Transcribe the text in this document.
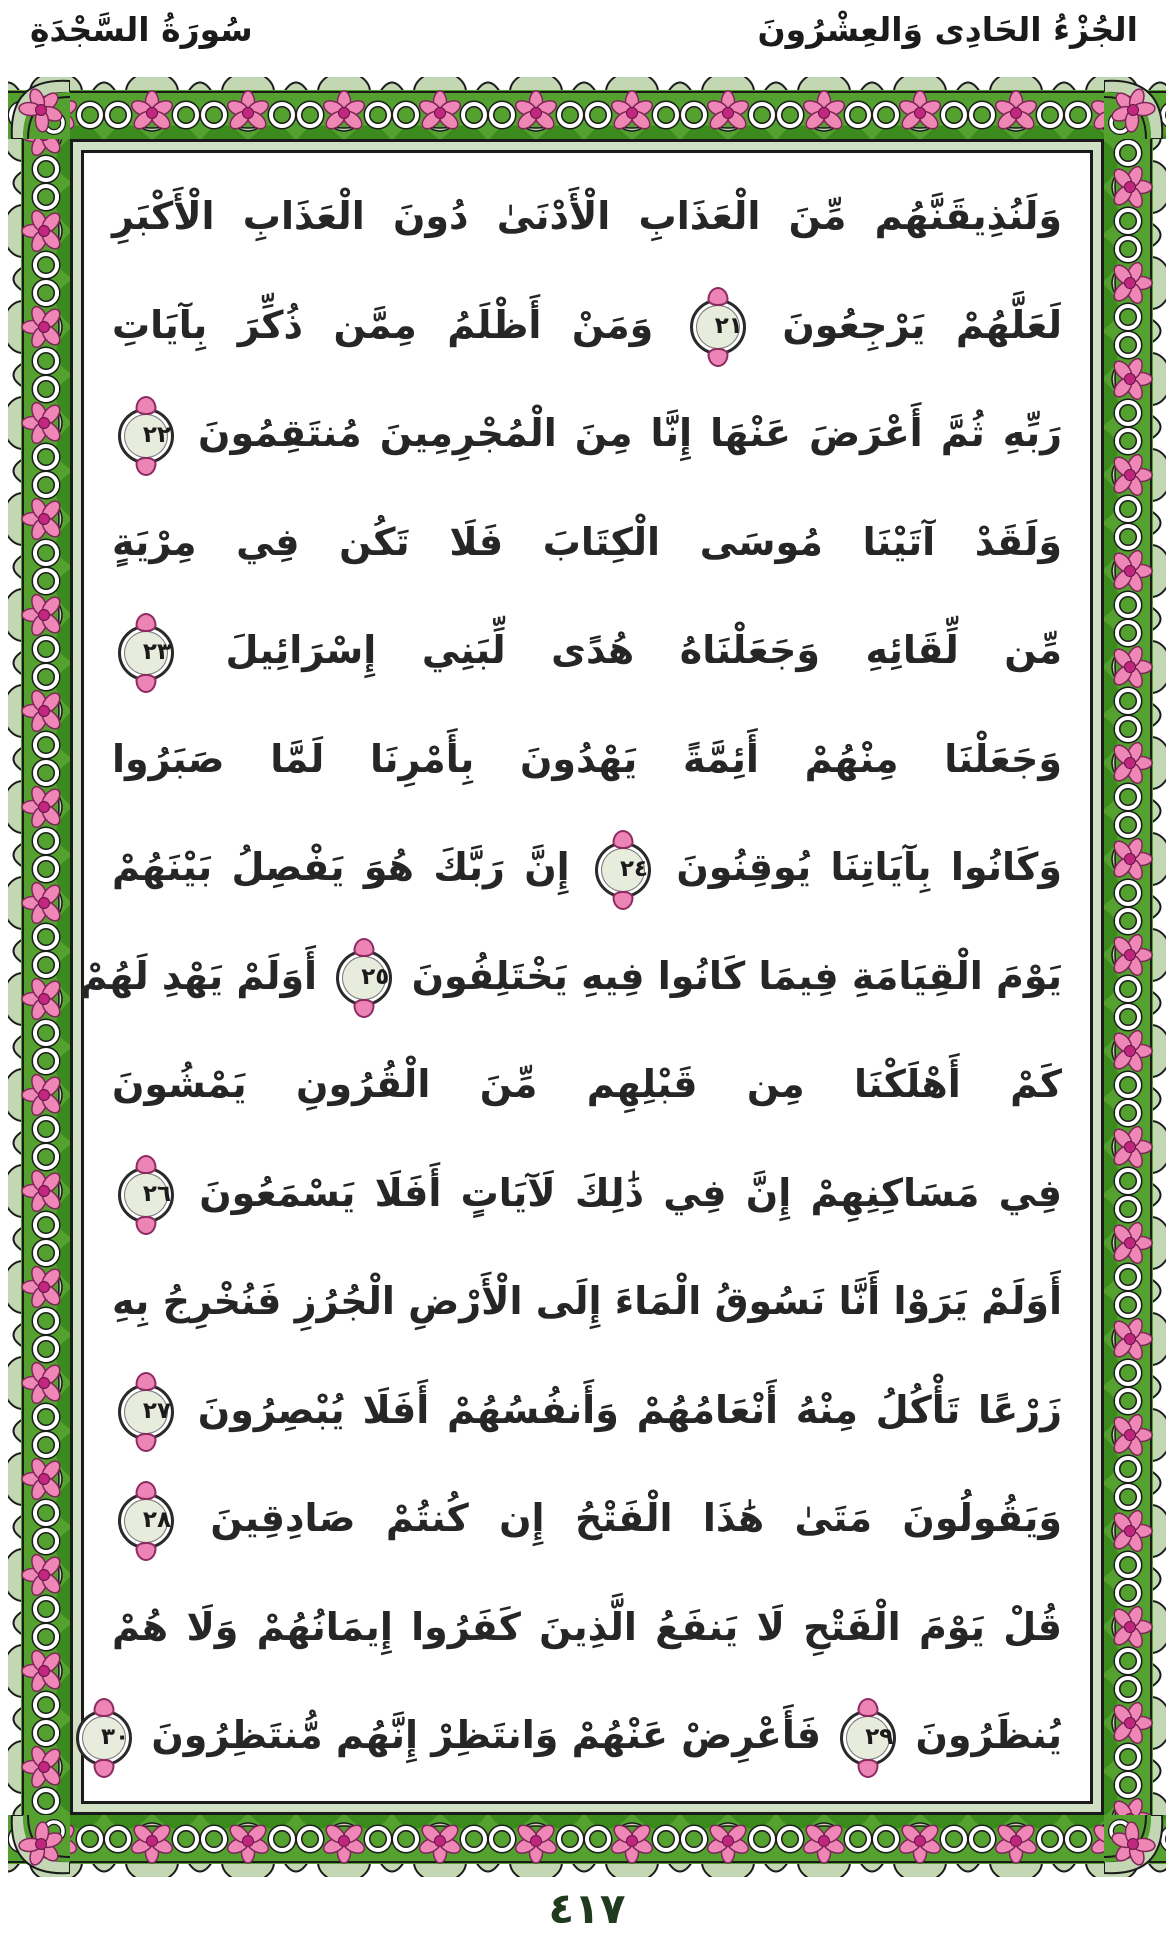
الجُزْءُ الحَادِى وَالعِشْرُونَ
سُورَةُ السَّجْدَةِ
وَلَنُذِيقَنَّهُم مِّنَ الْعَذَابِ الْأَدْنَىٰ دُونَ الْعَذَابِ الْأَكْبَرِ
لَعَلَّهُمْ يَرْجِعُونَ
٢١
وَمَنْ أَظْلَمُ مِمَّن ذُكِّرَ بِآيَاتِ
رَبِّهِ ثُمَّ أَعْرَضَ عَنْهَا إِنَّا مِنَ الْمُجْرِمِينَ مُنتَقِمُونَ
٢٢
وَلَقَدْ آتَيْنَا مُوسَى الْكِتَابَ فَلَا تَكُن فِي مِرْيَةٍ
مِّن لِّقَائِهِ وَجَعَلْنَاهُ هُدًى لِّبَنِي إِسْرَائِيلَ
٢٣
وَجَعَلْنَا مِنْهُمْ أَئِمَّةً يَهْدُونَ بِأَمْرِنَا لَمَّا صَبَرُوا
وَكَانُوا بِآيَاتِنَا يُوقِنُونَ
٢٤
إِنَّ رَبَّكَ هُوَ يَفْصِلُ بَيْنَهُمْ
يَوْمَ الْقِيَامَةِ فِيمَا كَانُوا فِيهِ يَخْتَلِفُونَ
٢٥
أَوَلَمْ يَهْدِ لَهُمْ
كَمْ أَهْلَكْنَا مِن قَبْلِهِم مِّنَ الْقُرُونِ يَمْشُونَ
فِي مَسَاكِنِهِمْ إِنَّ فِي ذَٰلِكَ لَآيَاتٍ أَفَلَا يَسْمَعُونَ
٢٦
أَوَلَمْ يَرَوْا أَنَّا نَسُوقُ الْمَاءَ إِلَى الْأَرْضِ الْجُرُزِ فَنُخْرِجُ بِهِ
زَرْعًا تَأْكُلُ مِنْهُ أَنْعَامُهُمْ وَأَنفُسُهُمْ أَفَلَا يُبْصِرُونَ
٢٧
وَيَقُولُونَ مَتَىٰ هَٰذَا الْفَتْحُ إِن كُنتُمْ صَادِقِينَ
٢٨
قُلْ يَوْمَ الْفَتْحِ لَا يَنفَعُ الَّذِينَ كَفَرُوا إِيمَانُهُمْ وَلَا هُمْ
يُنظَرُونَ
٢٩
فَأَعْرِضْ عَنْهُمْ وَانتَظِرْ إِنَّهُم مُّنتَظِرُونَ
٣٠
٤١٧
